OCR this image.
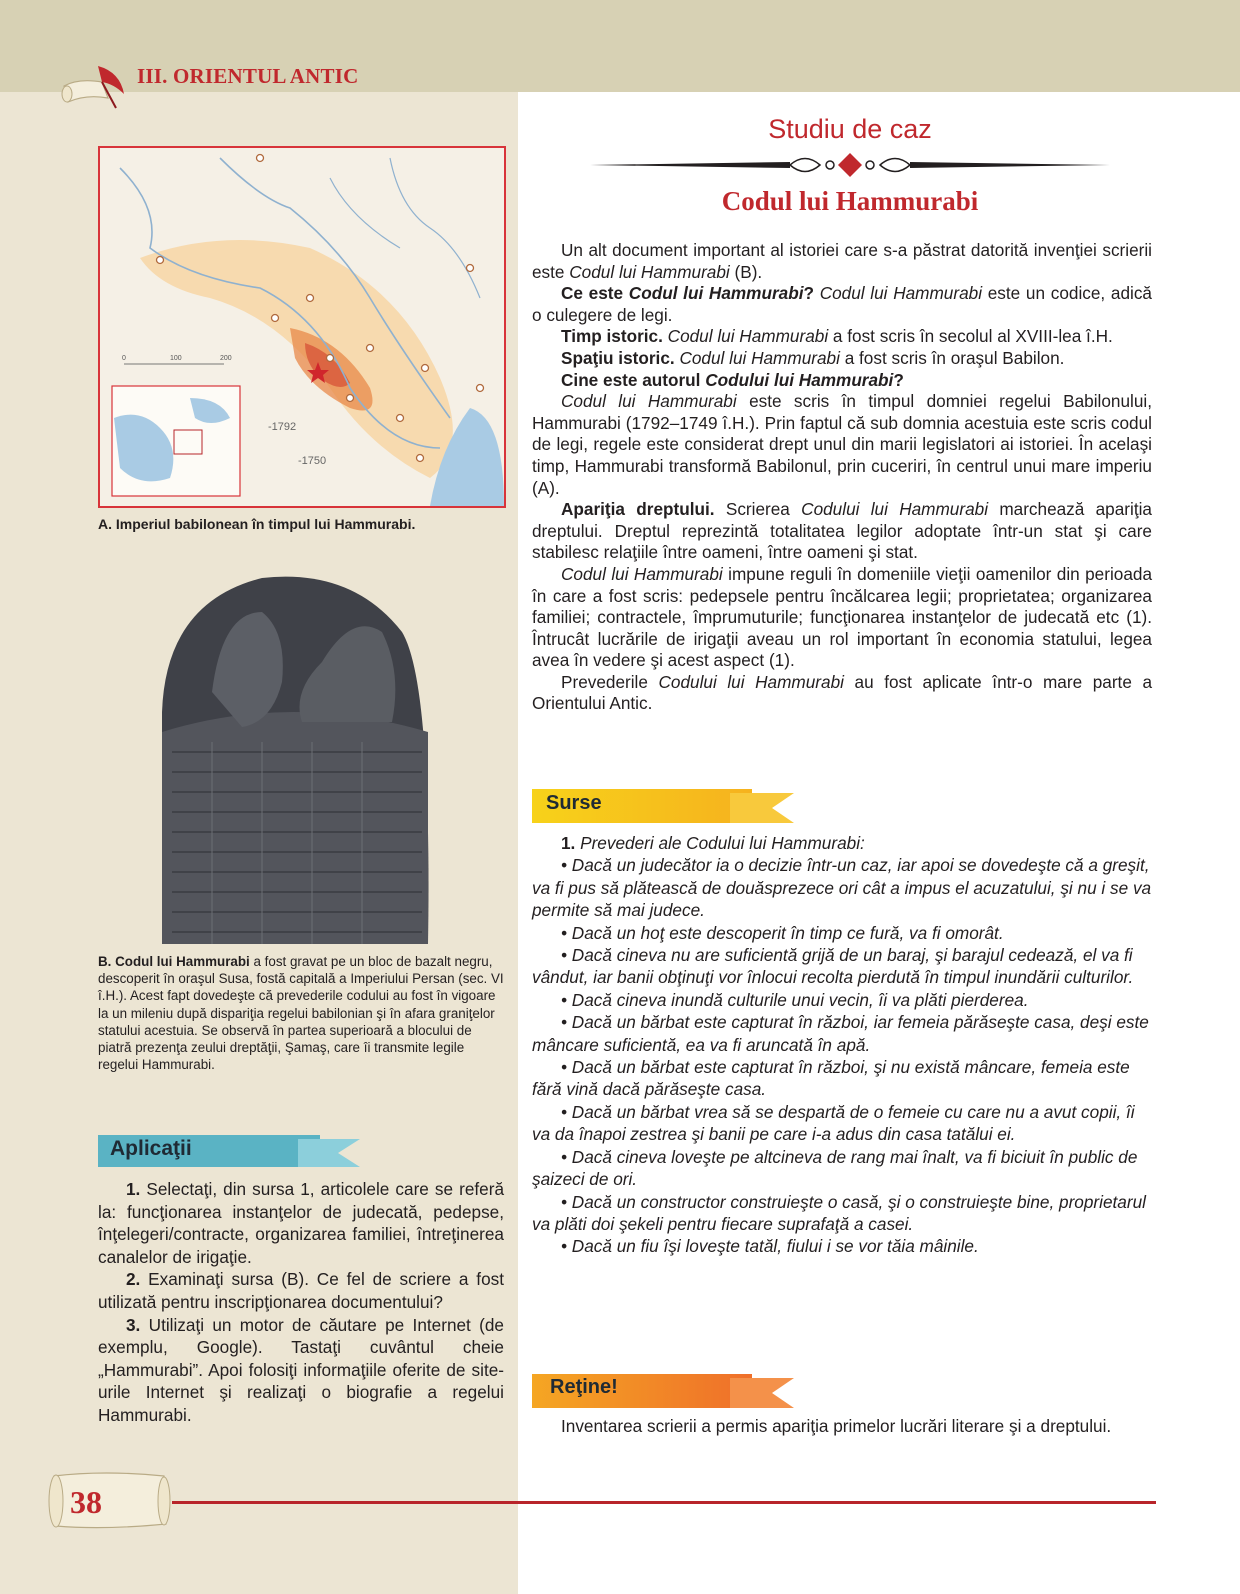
III. ORIENTUL ANTIC
0	100	200
-1792
-1750
A. Imperiul babilonean în timpul lui Hammurabi.
B. Codul lui Hammurabi a fost gravat pe un bloc de bazalt negru, descoperit în oraşul Susa, fostă capitală a Imperiului Persan (sec. VI î.H.). Acest fapt dovedeşte că prevederile codului au fost în vigoare la un mileniu după dispariţia regelui babilonian şi în afara graniţelor statului acestuia. Se observă în partea superioară a blocului de piatră prezenţa zeului dreptăţii, Şamaş, care îi transmite legile regelui Hammurabi.
Aplicaţii

1. Selectaţi, din sursa 1, articolele care se referă la: funcţionarea instanţelor de judecată, pedepse, înţelegeri/contracte, organizarea familiei, întreţinerea canalelor de irigaţie.

2. Examinaţi sursa (B). Ce fel de scriere a fost utilizată pentru inscripţionarea documentului?

3. Utilizaţi un motor de căutare pe Internet (de exemplu, Google). Tastaţi cuvântul cheie „Hammurabi”. Apoi folosiţi informaţiile oferite de site-urile Internet şi realizaţi o biografie a regelui Hammurabi.

Studiu de caz
Codul lui Hammurabi

Un alt document important al istoriei care s-a păstrat datorită invenţiei scrierii este Codul lui Hammurabi (B).

Ce este Codul lui Hammurabi? Codul lui Hammurabi este un codice, adică o culegere de legi.

Timp istoric. Codul lui Hammurabi a fost scris în secolul al XVIII-lea î.H.

Spaţiu istoric. Codul lui Hammurabi a fost scris în oraşul Babilon.

Cine este autorul Codului lui Hammurabi?

Codul lui Hammurabi este scris în timpul domniei regelui Babilonului, Hammurabi (1792–1749 î.H.). Prin faptul că sub domnia acestuia este scris codul de legi, regele este considerat drept unul din marii legislatori ai istoriei. În acelaşi timp, Hammurabi transformă Babilonul, prin cuceriri, în centrul unui mare imperiu (A).

Apariţia dreptului. Scrierea Codului lui Hammurabi marchează apariţia dreptului. Dreptul reprezintă totalitatea legilor adoptate într-un stat şi care stabilesc relaţiile între oameni, între oameni şi stat.

Codul lui Hammurabi impune reguli în domeniile vieţii oamenilor din perioada în care a fost scris: pedepsele pentru încălcarea legii; proprietatea; organizarea familiei; contractele, împrumuturile; funcţionarea instanţelor de judecată etc (1). Întrucât lucrările de irigaţii aveau un rol important în economia statului, legea avea în vedere şi acest aspect (1).

Prevederile Codului lui Hammurabi au fost aplicate într-o mare parte a Orientului Antic.

Surse

1. Prevederi ale Codului lui Hammurabi:

• Dacă un judecător ia o decizie într-un caz, iar apoi se dovedeşte că a greşit, va fi pus să plătească de douăsprezece ori cât a impus el acuzatului, şi nu i se va permite să mai judece.

• Dacă un hoţ este descoperit în timp ce fură, va fi omorât.

• Dacă cineva nu are suficientă grijă de un baraj, şi barajul cedează, el va fi vândut, iar banii obţinuţi vor înlocui recolta pierdută în timpul inundării culturilor.

• Dacă cineva inundă culturile unui vecin, îi va plăti pierderea.

• Dacă un bărbat este capturat în război, iar femeia părăseşte casa, deşi este mâncare suficientă, ea va fi aruncată în apă.

• Dacă un bărbat este capturat în război, şi nu există mâncare, femeia este fără vină dacă părăseşte casa.

• Dacă un bărbat vrea să se despartă de o femeie cu care nu a avut copii, îi va da înapoi zestrea şi banii pe care i-a adus din casa tatălui ei.

• Dacă cineva loveşte pe altcineva de rang mai înalt, va fi biciuit în public de şaizeci de ori.

• Dacă un constructor construieşte o casă, şi o construieşte bine, proprietarul va plăti doi şekeli pentru fiecare suprafaţă a casei.

• Dacă un fiu îşi loveşte tatăl, fiului i se vor tăia mâinile.

Reţine!

Inventarea scrierii a permis apariţia primelor lucrări literare şi a dreptului.

38
